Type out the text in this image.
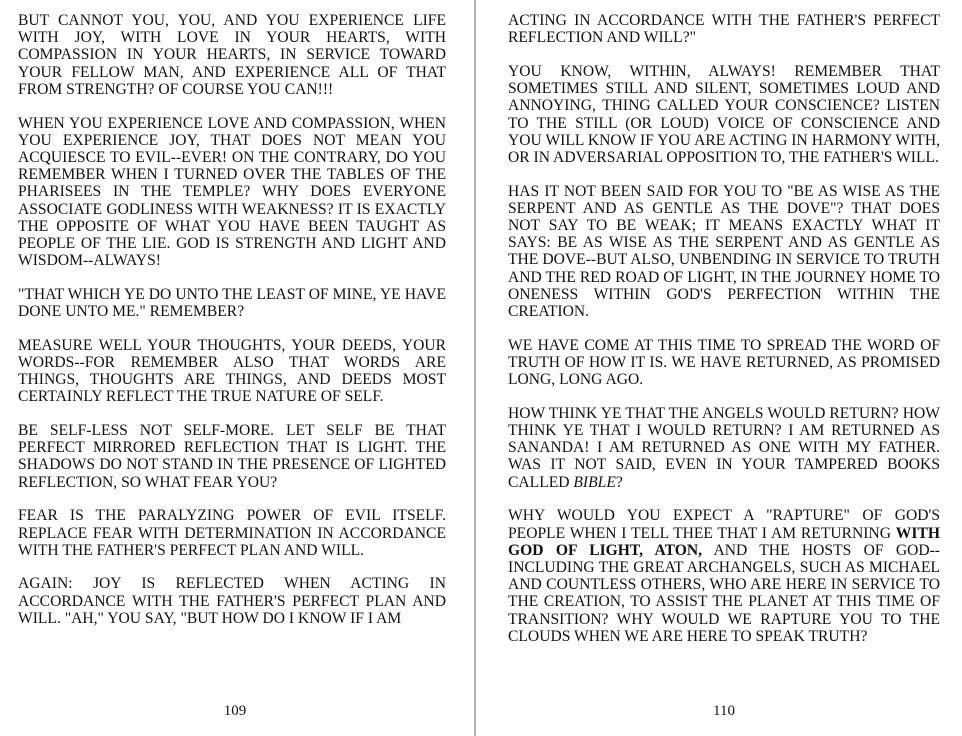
BUT CANNOT YOU, YOU, AND YOU EXPERIENCE LIFE WITH JOY, WITH LOVE IN YOUR HEARTS, WITH COMPASSION IN YOUR HEARTS, IN SERVICE TOWARD YOUR FELLOW MAN, AND EXPERIENCE ALL OF THAT FROM STRENGTH? OF COURSE YOU CAN!!!

WHEN YOU EXPERIENCE LOVE AND COMPASSION, WHEN YOU EXPERIENCE JOY, THAT DOES NOT MEAN YOU ACQUIESCE TO EVIL--EVER! ON THE CONTRARY, DO YOU REMEMBER WHEN I TURNED OVER THE TABLES OF THE PHARISEES IN THE TEMPLE? WHY DOES EVERYONE ASSOCIATE GODLINESS WITH WEAKNESS? IT IS EXACTLY THE OPPOSITE OF WHAT YOU HAVE BEEN TAUGHT AS PEOPLE OF THE LIE. GOD IS STRENGTH AND LIGHT AND WISDOM--ALWAYS!

"THAT WHICH YE DO UNTO THE LEAST OF MINE, YE HAVE DONE UNTO ME." REMEMBER?

MEASURE WELL YOUR THOUGHTS, YOUR DEEDS, YOUR WORDS--FOR REMEMBER ALSO THAT WORDS ARE THINGS, THOUGHTS ARE THINGS, AND DEEDS MOST CERTAINLY REFLECT THE TRUE NATURE OF SELF.

BE SELF-LESS NOT SELF-MORE. LET SELF BE THAT PERFECT MIRRORED REFLECTION THAT IS LIGHT. THE SHADOWS DO NOT STAND IN THE PRESENCE OF LIGHTED REFLECTION, SO WHAT FEAR YOU?

FEAR IS THE PARALYZING POWER OF EVIL ITSELF. REPLACE FEAR WITH DETERMINATION IN ACCORDANCE WITH THE FATHER'S PERFECT PLAN AND WILL.

AGAIN: JOY IS REFLECTED WHEN ACTING IN ACCORDANCE WITH THE FATHER'S PERFECT PLAN AND WILL. "AH," YOU SAY, "BUT HOW DO I KNOW IF I AM

109

ACTING IN ACCORDANCE WITH THE FATHER'S PERFECT REFLECTION AND WILL?"

YOU KNOW, WITHIN, ALWAYS! REMEMBER THAT SOMETIMES STILL AND SILENT, SOMETIMES LOUD AND ANNOYING, THING CALLED YOUR CONSCIENCE? LISTEN TO THE STILL (OR LOUD) VOICE OF CONSCIENCE AND YOU WILL KNOW IF YOU ARE ACTING IN HARMONY WITH, OR IN ADVERSARIAL OPPOSITION TO, THE FATHER'S WILL.

HAS IT NOT BEEN SAID FOR YOU TO "BE AS WISE AS THE SERPENT AND AS GENTLE AS THE DOVE"? THAT DOES NOT SAY TO BE WEAK; IT MEANS EXACTLY WHAT IT SAYS: BE AS WISE AS THE SERPENT AND AS GENTLE AS THE DOVE--BUT ALSO, UNBENDING IN SERVICE TO TRUTH AND THE RED ROAD OF LIGHT, IN THE JOURNEY HOME TO ONENESS WITHIN GOD'S PERFECTION WITHIN THE CREATION.

WE HAVE COME AT THIS TIME TO SPREAD THE WORD OF TRUTH OF HOW IT IS. WE HAVE RETURNED, AS PROMISED LONG, LONG AGO.

HOW THINK YE THAT THE ANGELS WOULD RETURN? HOW THINK YE THAT I WOULD RETURN? I AM RETURNED AS SANANDA! I AM RETURNED AS ONE WITH MY FATHER. WAS IT NOT SAID, EVEN IN YOUR TAMPERED BOOKS CALLED BIBLE?

WHY WOULD YOU EXPECT A "RAPTURE" OF GOD'S PEOPLE WHEN I TELL THEE THAT I AM RETURNING WITH GOD OF LIGHT, ATON, AND THE HOSTS OF GOD--INCLUDING THE GREAT ARCHANGELS, SUCH AS MICHAEL AND COUNTLESS OTHERS, WHO ARE HERE IN SERVICE TO THE CREATION, TO ASSIST THE PLANET AT THIS TIME OF TRANSITION? WHY WOULD WE RAPTURE YOU TO THE CLOUDS WHEN WE ARE HERE TO SPEAK TRUTH?

110
